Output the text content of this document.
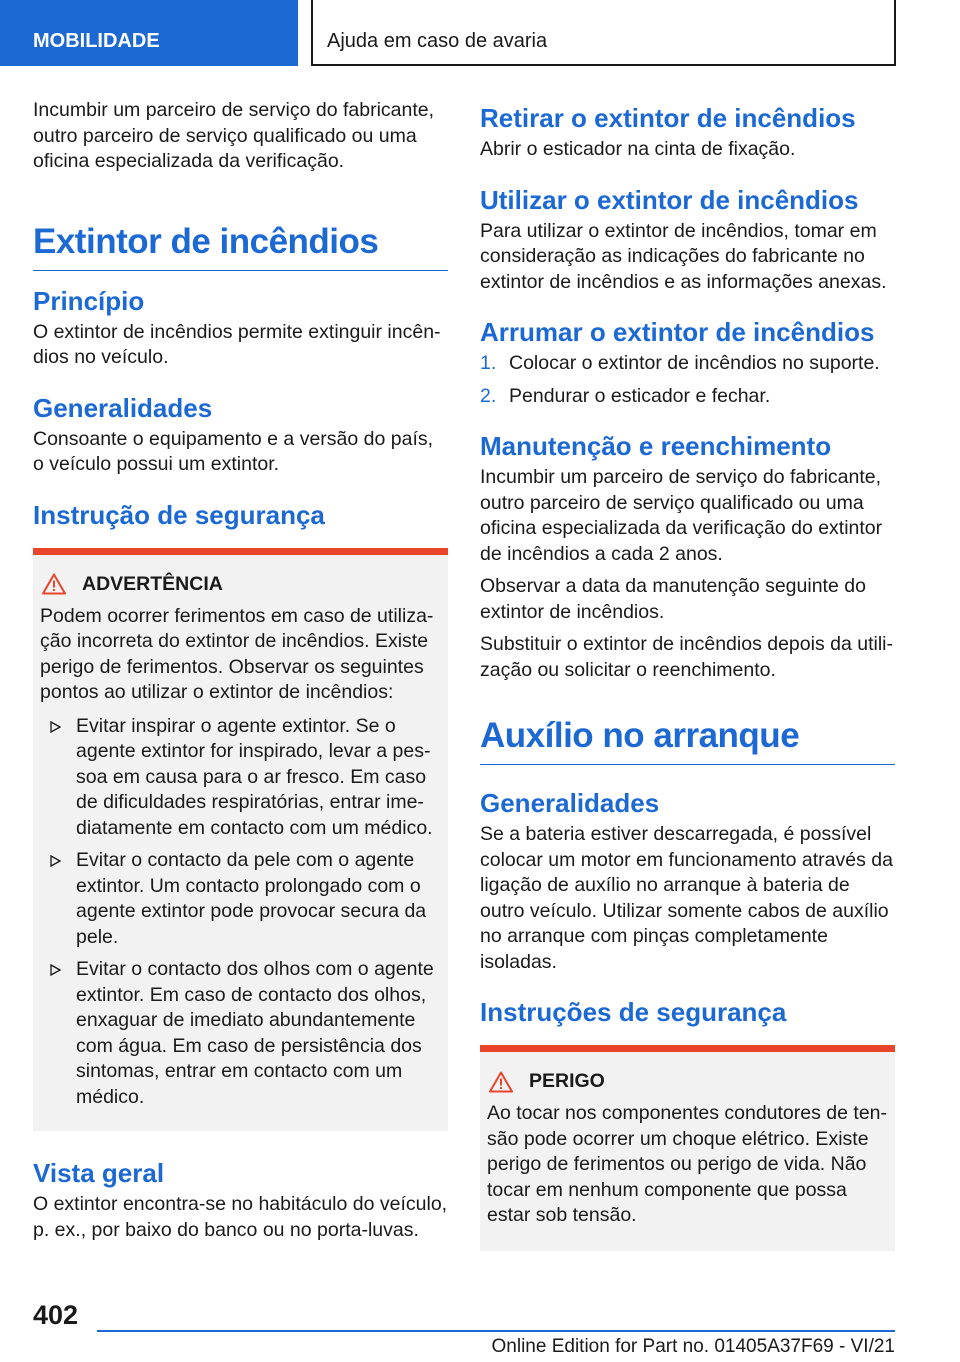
MOBILIDADE	Ajuda em caso de avaria

Incumbir um parceiro de serviço do fabricante, outro parceiro de serviço qualificado ou uma oficina especializada da verificação.

Extintor de incêndios
Princípio

O extintor de incêndios permite extinguir incêndios no veículo.

Generalidades

Consoante o equipamento e a versão do país, o veículo possui um extintor.

Instrução de segurança
ADVERTÊNCIA

Podem ocorrer ferimentos em caso de utilização incorreta do extintor de incêndios. Existe perigo de ferimentos. Observar os seguintes pontos ao utilizar o extintor de incêndios:

Evitar inspirar o agente extintor. Se o agente extintor for inspirado, levar a pessoa em causa para o ar fresco. Em caso de dificuldades respiratórias, entrar imediatamente em contacto com um médico.
Evitar o contacto da pele com o agente extintor. Um contacto prolongado com o agente extintor pode provocar secura da pele.
Evitar o contacto dos olhos com o agente extintor. Em caso de contacto dos olhos, enxaguar de imediato abundantemente com água. Em caso de persistência dos sintomas, entrar em contacto com um médico.
Vista geral

O extintor encontra-se no habitáculo do veículo, p. ex., por baixo do banco ou no porta-luvas.

Retirar o extintor de incêndios

Abrir o esticador na cinta de fixação.

Utilizar o extintor de incêndios

Para utilizar o extintor de incêndios, tomar em consideração as indicações do fabricante no extintor de incêndios e as informações anexas.

Arrumar o extintor de incêndios
1. Colocar o extintor de incêndios no suporte.
2. Pendurar o esticador e fechar.
Manutenção e reenchimento

Incumbir um parceiro de serviço do fabricante, outro parceiro de serviço qualificado ou uma oficina especializada da verificação do extintor de incêndios a cada 2 anos.

Observar a data da manutenção seguinte do extintor de incêndios.

Substituir o extintor de incêndios depois da utilização ou solicitar o reenchimento.

Auxílio no arranque
Generalidades

Se a bateria estiver descarregada, é possível colocar um motor em funcionamento através da ligação de auxílio no arranque à bateria de outro veículo. Utilizar somente cabos de auxílio no arranque com pinças completamente isoladas.

Instruções de segurança
PERIGO

Ao tocar nos componentes condutores de tensão pode ocorrer um choque elétrico. Existe perigo de ferimentos ou perigo de vida. Não tocar em nenhum componente que possa estar sob tensão.

402
Online Edition for Part no. 01405A37F69 - VI/21
